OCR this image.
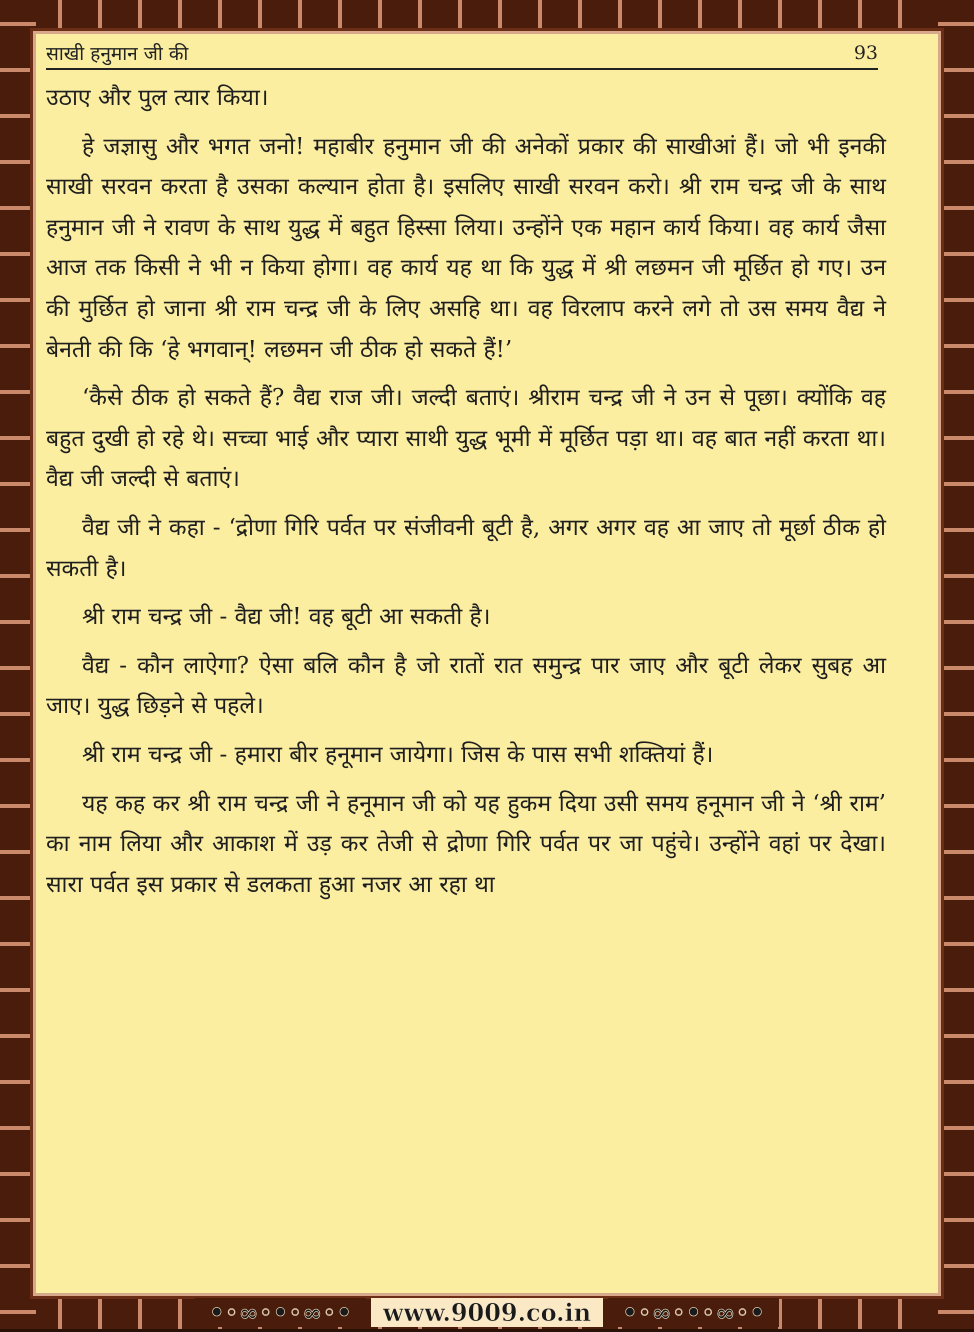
साखी हनुमान जी की	93

उठाए और पुल त्यार किया।

हे जज्ञासु और भगत जनो! महाबीर हनुमान जी की अनेकों प्रकार की साखीआं हैं। जो भी इनकी साखी सरवन करता है उसका कल्यान होता है। इसलिए साखी सरवन करो। श्री राम चन्द्र जी के साथ हनुमान जी ने रावण के साथ युद्ध में बहुत हिस्सा लिया। उन्होंने एक महान कार्य किया। वह कार्य जैसा आज तक किसी ने भी न किया होगा। वह कार्य यह था कि युद्ध में श्री लछमन जी मूर्छित हो गए। उन की मुर्छित हो जाना श्री राम चन्द्र जी के लिए असहि था। वह विरलाप करने लगे तो उस समय वैद्य ने बेनती की कि ‘हे भगवान्! लछमन जी ठीक हो सकते हैं!’

‘कैसे ठीक हो सकते हैं? वैद्य राज जी। जल्दी बताएं। श्रीराम चन्द्र जी ने उन से पूछा। क्योंकि वह बहुत दुखी हो रहे थे। सच्चा भाई और प्यारा साथी युद्ध भूमी में मूर्छित पड़ा था। वह बात नहीं करता था। वैद्य जी जल्दी से बताएं।

वैद्य जी ने कहा - ‘द्रोणा गिरि पर्वत पर संजीवनी बूटी है, अगर अगर वह आ जाए तो मूर्छा ठीक हो सकती है।

श्री राम चन्द्र जी - वैद्य जी! वह बूटी आ सकती है।

वैद्य - कौन लाऐगा? ऐसा बलि कौन है जो रातों रात समुन्द्र पार जाए और बूटी लेकर सुबह आ जाए। युद्ध छिड़ने से पहले।

श्री राम चन्द्र जी - हमारा बीर हनूमान जायेगा। जिस के पास सभी शक्तियां हैं।

यह कह कर श्री राम चन्द्र जी ने हनूमान जी को यह हुकम दिया उसी समय हनूमान जी ने ‘श्री राम’ का नाम लिया और आकाश में उड़ कर तेजी से द्रोणा गिरि पर्वत पर जा पहुंचे। उन्होंने वहां पर देखा। सारा पर्वत इस प्रकार से डलकता हुआ नजर आ रहा था

•◦∞◦•◦∞◦• www.9009.co.in •◦∞◦•◦∞◦•
